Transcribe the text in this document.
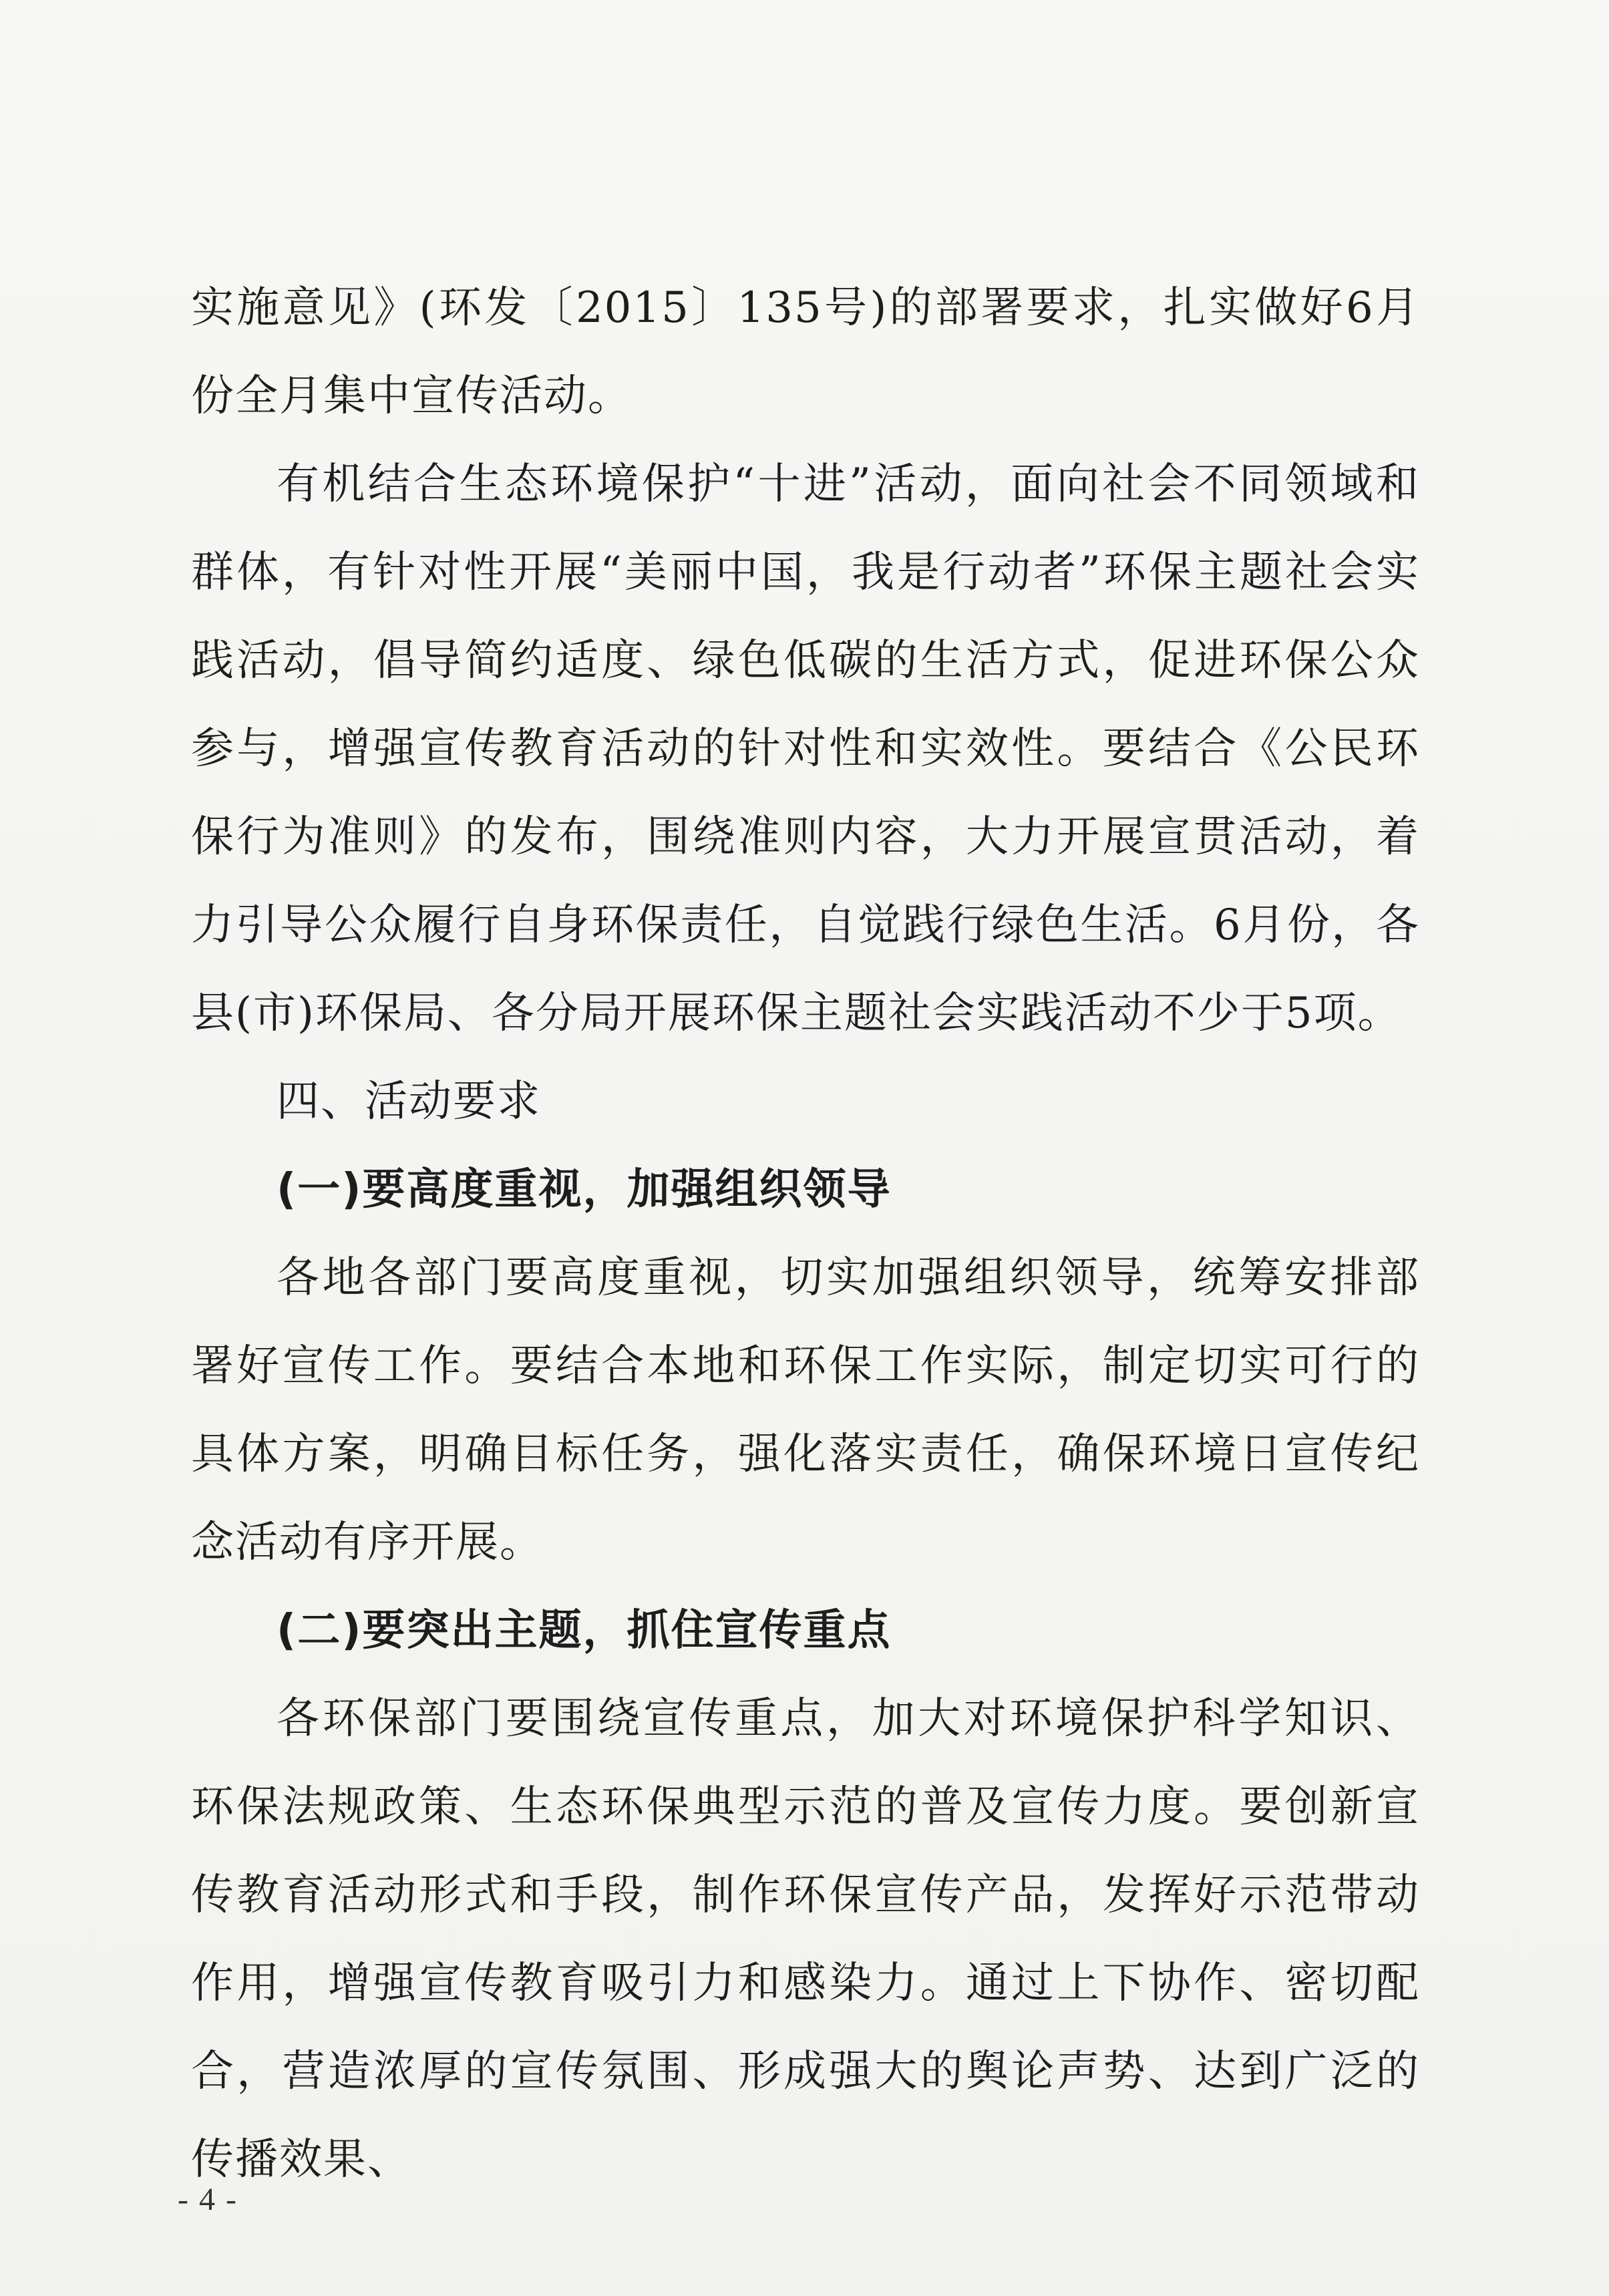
实施意见》(环发〔2015〕135号)的部署要求，扎实做好6月份全月集中宣传活动。

有机结合生态环境保护“十进”活动，面向社会不同领域和群体，有针对性开展“美丽中国，我是行动者”环保主题社会实践活动，倡导简约适度、绿色低碳的生活方式，促进环保公众参与，增强宣传教育活动的针对性和实效性。要结合《公民环保行为准则》的发布，围绕准则内容，大力开展宣贯活动，着力引导公众履行自身环保责任，自觉践行绿色生活。6月份，各县(市)环保局、各分局开展环保主题社会实践活动不少于5项。

四、活动要求

(一)要高度重视，加强组织领导

各地各部门要高度重视，切实加强组织领导，统筹安排部署好宣传工作。要结合本地和环保工作实际，制定切实可行的具体方案，明确目标任务，强化落实责任，确保环境日宣传纪念活动有序开展。

(二)要突出主题，抓住宣传重点

各环保部门要围绕宣传重点，加大对环境保护科学知识、环保法规政策、生态环保典型示范的普及宣传力度。要创新宣传教育活动形式和手段，制作环保宣传产品，发挥好示范带动作用，增强宣传教育吸引力和感染力。通过上下协作、密切配合，营造浓厚的宣传氛围、形成强大的舆论声势、达到广泛的传播效果、

- 4 -
